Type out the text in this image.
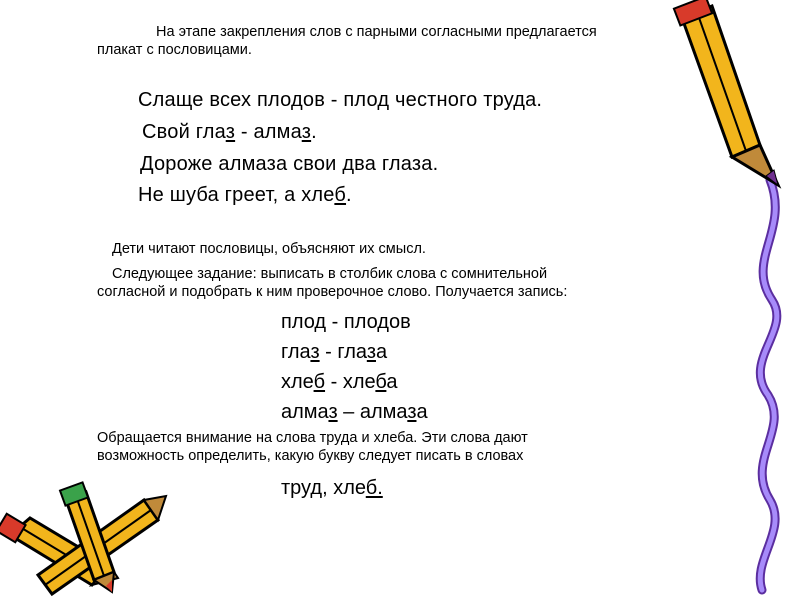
На этапе закрепления слов с парными согласными предлагается
плакат с пословицами.
Слаще всех плодов - плод честного труда.
Свой глаз - алмаз.
Дороже алмаза свои два глаза.
Не шуба греет, а хлеб.
Дети читают пословицы, объясняют их смысл.
Следующее задание: выписать в столбик слова с сомнительной
согласной и подобрать к ним проверочное слово. Получается запись:
плод - плодов
глаз - глаза
хлеб - хлеба
алмаз – алмаза
Обращается внимание на слова труда и хлеба. Эти слова дают
возможность определить, какую букву следует писать в словах
труд, хлеб.
